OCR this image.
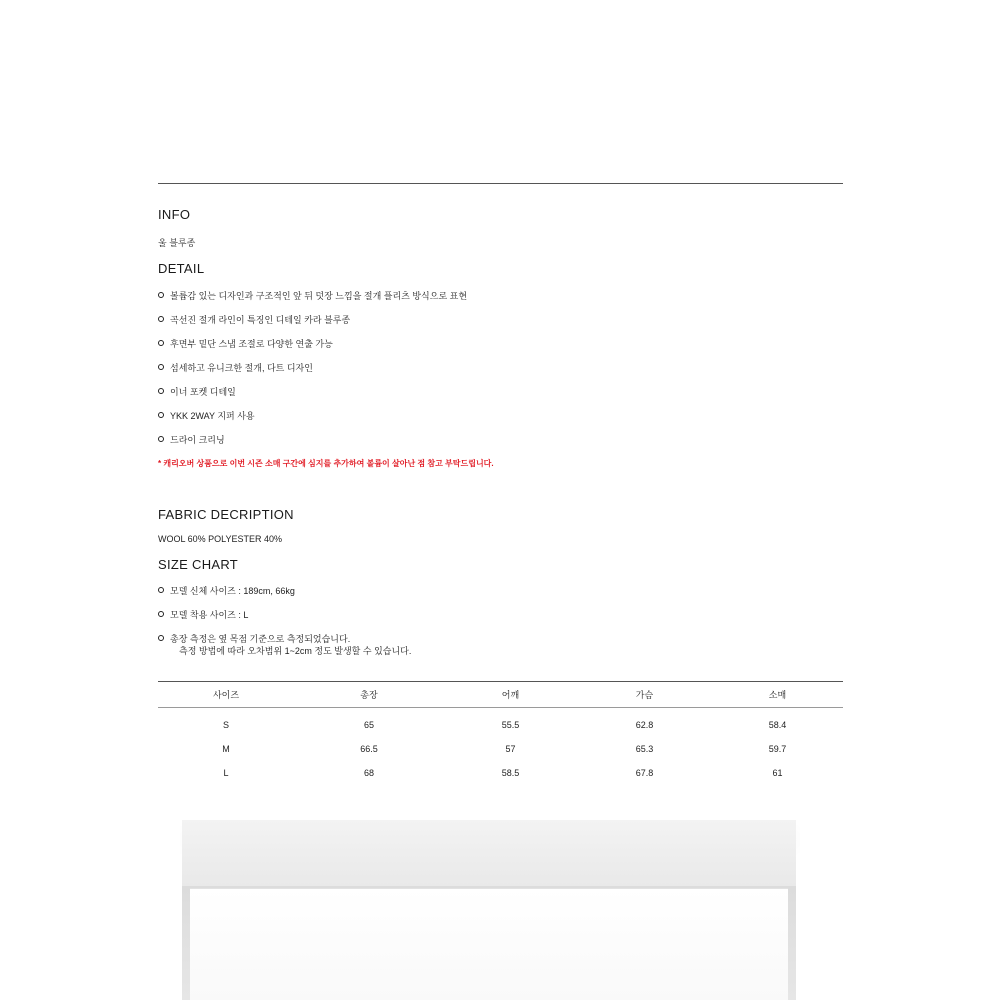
INFO
울 블루종
DETAIL
볼륨감 있는 디자인과 구조적인 앞 뒤 덧장 느낌을 절개 플리츠 방식으로 표현
곡선진 절개 라인이 특징인 디테일 카라 블루종
후면부 밑단 스냅 조절로 다양한 연출 가능
섬세하고 유니크한 절개, 다트 디자인
이너 포켓 디테일
YKK 2WAY 지퍼 사용
드라이 크리닝
* 캐리오버 상품으로 이번 시즌 소매 구간에 심지를 추가하여 볼륨이 살아난 점 참고 부탁드립니다.
FABRIC DECRIPTION
WOOL 60% POLYESTER 40%
SIZE CHART
모델 신체 사이즈 : 189cm, 66kg
모델 착용 사이즈 : L
총장 측정은 옆 목점 기준으로 측정되었습니다.
측정 방법에 따라 오차범위 1~2cm 정도 발생할 수 있습니다.
사이즈	총장	어깨	가슴	소매
S	65	55.5	62.8	58.4
M	66.5	57	65.3	59.7
L	68	58.5	67.8	61
